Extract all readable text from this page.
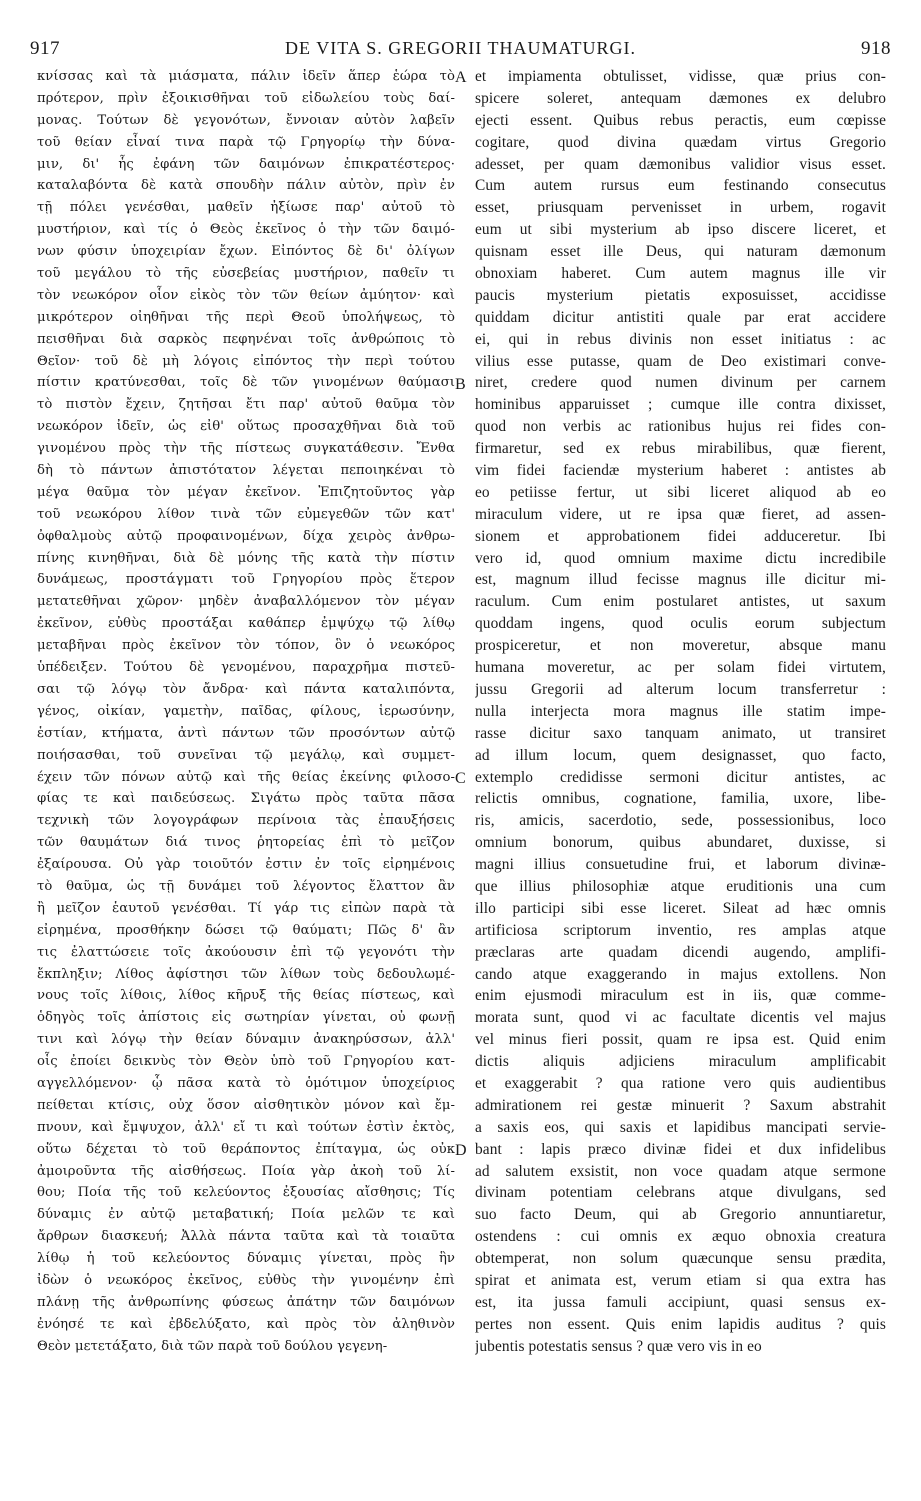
917	DE VITA S. GREGORII THAUMATURGI.	918
κνίσσας καὶ τὰ μιάσματα, πάλιν ἰδεῖν ἅπερ ἑώρα τὸ
πρότερον, πρὶν ἐξοικισθῆναι τοῦ εἰδωλείου τοὺς δαί-
μονας. Τούτων δὲ γεγονότων, ἔννοιαν αὐτὸν λαβεῖν
τοῦ θείαν εἶναί τινα παρὰ τῷ Γρηγορίῳ τὴν δύνα-
μιν, δι' ἧς ἐφάνη τῶν δαιμόνων ἐπικρατέστερος·
καταλαβόντα δὲ κατὰ σπουδὴν πάλιν αὐτὸν, πρὶν ἐν
τῇ πόλει γενέσθαι, μαθεῖν ἠξίωσε παρ' αὐτοῦ τὸ
μυστήριον, καὶ τίς ὁ Θεὸς ἐκεῖνος ὁ τὴν τῶν δαιμό-
νων φύσιν ὑποχειρίαν ἔχων. Εἰπόντος δὲ δι' ὀλίγων
τοῦ μεγάλου τὸ τῆς εὐσεβείας μυστήριον, παθεῖν τι
τὸν νεωκόρον οἷον εἰκὸς τὸν τῶν θείων ἀμύητον· καὶ
μικρότερον οἰηθῆναι τῆς περὶ Θεοῦ ὑπολήψεως, τὸ
πεισθῆναι διὰ σαρκὸς πεφηνέναι τοῖς ἀνθρώποις τὸ
Θεῖον· τοῦ δὲ μὴ λόγοις εἰπόντος τὴν περὶ τούτου
πίστιν κρατύνεσθαι, τοῖς δὲ τῶν γινομένων θαύμασι
τὸ πιστὸν ἔχειν, ζητῆσαι ἔτι παρ' αὐτοῦ θαῦμα τὸν
νεωκόρον ἰδεῖν, ὡς εἰθ' οὕτως προσαχθῆναι διὰ τοῦ
γινομένου πρὸς τὴν τῆς πίστεως συγκατάθεσιν. Ἔνθα
δὴ τὸ πάντων ἀπιστότατον λέγεται πεποιηκέναι τὸ
μέγα θαῦμα τὸν μέγαν ἐκεῖνον. Ἐπιζητοῦντος γὰρ
τοῦ νεωκόρου λίθον τινὰ τῶν εὐμεγεθῶν τῶν κατ'
ὀφθαλμοὺς αὐτῷ προφαινομένων, δίχα χειρὸς ἀνθρω-
πίνης κινηθῆναι, διὰ δὲ μόνης τῆς κατὰ τὴν πίστιν
δυνάμεως, προστάγματι τοῦ Γρηγορίου πρὸς ἕτερον
μετατεθῆναι χῶρον· μηδὲν ἀναβαλλόμενον τὸν μέγαν
ἐκεῖνον, εὐθὺς προστάξαι καθάπερ ἐμψύχῳ τῷ λίθῳ
μεταβῆναι πρὸς ἐκεῖνον τὸν τόπον, ὃν ὁ νεωκόρος
ὑπέδειξεν. Τούτου δὲ γενομένου, παραχρῆμα πιστεῦ-
σαι τῷ λόγῳ τὸν ἄνδρα· καὶ πάντα καταλιπόντα,
γένος, οἰκίαν, γαμετὴν, παῖδας, φίλους, ἱερωσύνην,
ἑστίαν, κτήματα, ἀντὶ πάντων τῶν προσόντων αὐτῷ
ποιήσασθαι, τοῦ συνεῖναι τῷ μεγάλῳ, καὶ συμμετ-
έχειν τῶν πόνων αὐτῷ καὶ τῆς θείας ἐκείνης φιλοσο-
φίας τε καὶ παιδεύσεως. Σιγάτω πρὸς ταῦτα πᾶσα
τεχνικὴ τῶν λογογράφων περίνοια τὰς ἐπαυξήσεις
τῶν θαυμάτων διά τινος ῥητορείας ἐπὶ τὸ μεῖζον
ἐξαίρουσα. Οὐ γὰρ τοιοῦτόν ἐστιν ἐν τοῖς εἰρημένοις
τὸ θαῦμα, ὡς τῇ δυνάμει τοῦ λέγοντος ἔλαττον ἂν
ἢ μεῖζον ἑαυτοῦ γενέσθαι. Τί γάρ τις εἰπὼν παρὰ τὰ
εἰρημένα, προσθήκην δώσει τῷ θαύματι; Πῶς δ' ἂν
τις ἐλαττώσειε τοῖς ἀκούουσιν ἐπὶ τῷ γεγονότι τὴν
ἔκπληξιν; Λίθος ἀφίστησι τῶν λίθων τοὺς δεδουλωμέ-
νους τοῖς λίθοις, λίθος κῆρυξ τῆς θείας πίστεως, καὶ
ὁδηγὸς τοῖς ἀπίστοις εἰς σωτηρίαν γίνεται, οὐ φωνῇ
τινι καὶ λόγῳ τὴν θείαν δύναμιν ἀνακηρύσσων, ἀλλ'
οἷς ἐποίει δεικνὺς τὸν Θεὸν ὑπὸ τοῦ Γρηγορίου κατ-
αγγελλόμενον· ᾧ πᾶσα κατὰ τὸ ὁμότιμον ὑποχείριος
πείθεται κτίσις, οὐχ ὅσον αἰσθητικὸν μόνον καὶ ἔμ-
πνουν, καὶ ἔμψυχον, ἀλλ' εἴ τι καὶ τούτων ἐστὶν ἐκτὸς,
οὕτω δέχεται τὸ τοῦ θεράποντος ἐπίταγμα, ὡς οὐκ
ἀμοιροῦντα τῆς αἰσθήσεως. Ποία γὰρ ἀκοὴ τοῦ λί-
θου; Ποία τῆς τοῦ κελεύοντος ἐξουσίας αἴσθησις; Τίς
δύναμις ἐν αὐτῷ μεταβατική; Ποία μελῶν τε καὶ
ἄρθρων διασκευή; Ἀλλὰ πάντα ταῦτα καὶ τὰ τοιαῦτα
λίθῳ ἡ τοῦ κελεύοντος δύναμις γίνεται, πρὸς ἣν
ἰδὼν ὁ νεωκόρος ἐκεῖνος, εὐθὺς τὴν γινομένην ἐπὶ
πλάνῃ τῆς ἀνθρωπίνης φύσεως ἀπάτην τῶν δαιμόνων
ἐνόησέ τε καὶ ἐβδελύξατο, καὶ πρὸς τὸν ἀληθινὸν
Θεὸν μετετάξατο, διὰ τῶν παρὰ τοῦ δούλου γεγενη-
et impiamenta obtulisset, vidisse, quæ prius con-
spicere soleret, antequam dæmones ex delubro
ejecti essent. Quibus rebus peractis, eum cœpisse
cogitare, quod divina quædam virtus Gregorio
adesset, per quam dæmonibus validior visus esset.
Cum autem rursus eum festinando consecutus
esset, priusquam pervenisset in urbem, rogavit
eum ut sibi mysterium ab ipso discere liceret, et
quisnam esset ille Deus, qui naturam dæmonum
obnoxiam haberet. Cum autem magnus ille vir
paucis mysterium pietatis exposuisset, accidisse
quiddam dicitur antistiti quale par erat accidere
ei, qui in rebus divinis non esset initiatus : ac
vilius esse putasse, quam de Deo existimari conve-
niret, credere quod numen divinum per carnem
hominibus apparuisset ; cumque ille contra dixisset,
quod non verbis ac rationibus hujus rei fides con-
firmaretur, sed ex rebus mirabilibus, quæ fierent,
vim fidei faciendæ mysterium haberet : antistes ab
eo petiisse fertur, ut sibi liceret aliquod ab eo
miraculum videre, ut re ipsa quæ fieret, ad assen-
sionem et approbationem fidei adduceretur. Ibi
vero id, quod omnium maxime dictu incredibile
est, magnum illud fecisse magnus ille dicitur mi-
raculum. Cum enim postularet antistes, ut saxum
quoddam ingens, quod oculis eorum subjectum
prospiceretur, et non moveretur, absque manu
humana moveretur, ac per solam fidei virtutem,
jussu Gregorii ad alterum locum transferretur :
nulla interjecta mora magnus ille statim impe-
rasse dicitur saxo tanquam animato, ut transiret
ad illum locum, quem designasset, quo facto,
extemplo credidisse sermoni dicitur antistes, ac
relictis omnibus, cognatione, familia, uxore, libe-
ris, amicis, sacerdotio, sede, possessionibus, loco
omnium bonorum, quibus abundaret, duxisse, si
magni illius consuetudine frui, et laborum divinæ-
que illius philosophiæ atque eruditionis una cum
illo participi sibi esse liceret. Sileat ad hæc omnis
artificiosa scriptorum inventio, res amplas atque
præclaras arte quadam dicendi augendo, amplifi-
cando atque exaggerando in majus extollens. Non
enim ejusmodi miraculum est in iis, quæ comme-
morata sunt, quod vi ac facultate dicentis vel majus
vel minus fieri possit, quam re ipsa est. Quid enim
dictis aliquis adjiciens miraculum amplificabit
et exaggerabit ? qua ratione vero quis audientibus
admirationem rei gestæ minuerit ? Saxum abstrahit
a saxis eos, qui saxis et lapidibus mancipati servie-
bant : lapis præco divinæ fidei et dux infidelibus
ad salutem exsistit, non voce quadam atque sermone
divinam potentiam celebrans atque divulgans, sed
suo facto Deum, qui ab Gregorio annuntiaretur,
ostendens : cui omnis ex æquo obnoxia creatura
obtemperat, non solum quæcunque sensu prædita,
spirat et animata est, verum etiam si qua extra has
est, ita jussa famuli accipiunt, quasi sensus ex-
pertes non essent. Quis enim lapidis auditus ? quis
jubentis potestatis sensus ? quæ vero vis in eo
A
B
C
D
